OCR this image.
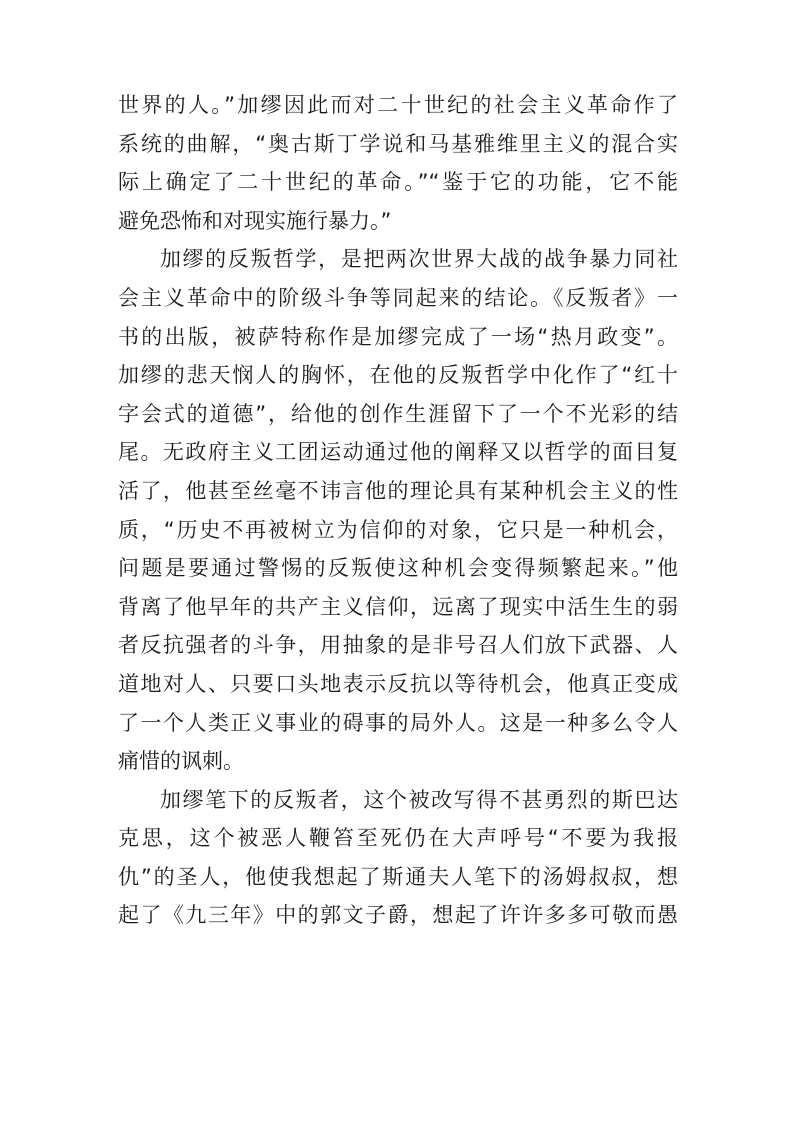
世界的人。”加缪因此而对二十世纪的社会主义革命作了
系统的曲解，“奥古斯丁学说和马基雅维里主义的混合实
际上确定了二十世纪的革命。”“鉴于它的功能，它不能
避免恐怖和对现实施行暴力。”
加缪的反叛哲学，是把两次世界大战的战争暴力同社
会主义革命中的阶级斗争等同起来的结论。《反叛者》一
书的出版，被萨特称作是加缪完成了一场“热月政变”。
加缪的悲天悯人的胸怀，在他的反叛哲学中化作了“红十
字会式的道德”，给他的创作生涯留下了一个不光彩的结
尾。无政府主义工团运动通过他的阐释又以哲学的面目复
活了，他甚至丝毫不讳言他的理论具有某种机会主义的性
质，“历史不再被树立为信仰的对象，它只是一种机会，
问题是要通过警惕的反叛使这种机会变得频繁起来。”他
背离了他早年的共产主义信仰，远离了现实中活生生的弱
者反抗强者的斗争，用抽象的是非号召人们放下武器、人
道地对人、只要口头地表示反抗以等待机会，他真正变成
了一个人类正义事业的碍事的局外人。这是一种多么令人
痛惜的讽刺。
加缪笔下的反叛者，这个被改写得不甚勇烈的斯巴达
克思，这个被恶人鞭笞至死仍在大声呼号“不要为我报
仇”的圣人，他使我想起了斯通夫人笔下的汤姆叔叔，想
起了《九三年》中的郭文子爵，想起了许许多多可敬而愚
